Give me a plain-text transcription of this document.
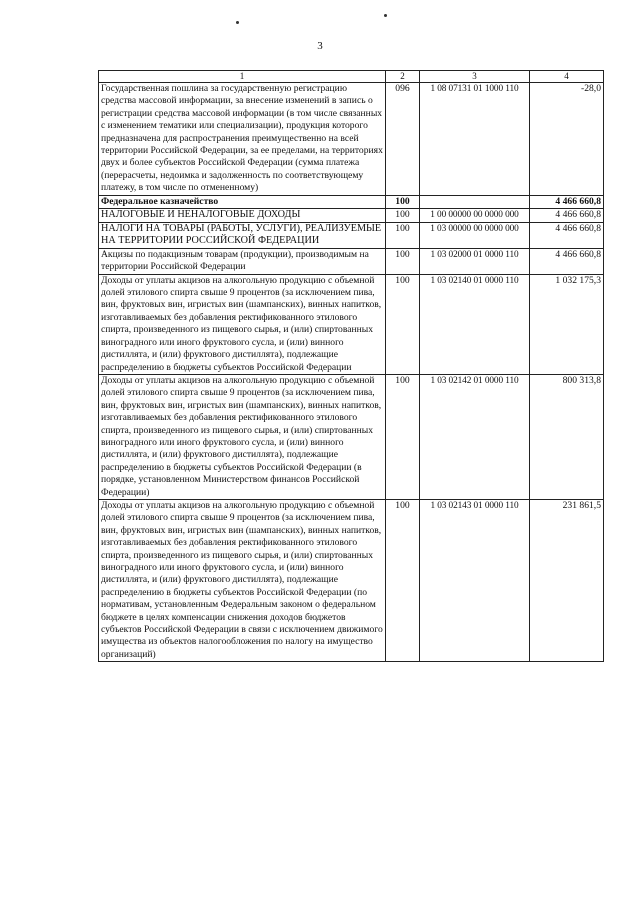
3
1	2	3	4
Государственная пошлина за государственную регистрацию средства массовой информации, за внесение изменений в запись о регистрации средства массовой информации (в том числе связанных с изменением тематики или специализации), продукция которого предназначена для распространения преимущественно на всей территории Российской Федерации, за ее пределами, на территориях двух и более субъектов Российской Федерации (сумма платежа (перерасчеты, недоимка и задолженность по соответствующему платежу, в том числе по отмененному)	096	1 08 07131 01 1000 110	-28,0
Федеральное казначейство	100		4 466 660,8
НАЛОГОВЫЕ И НЕНАЛОГОВЫЕ ДОХОДЫ	100	1 00 00000 00 0000 000	4 466 660,8
НАЛОГИ НА ТОВАРЫ (РАБОТЫ, УСЛУГИ), РЕАЛИЗУЕМЫЕ НА ТЕРРИТОРИИ РОССИЙСКОЙ ФЕДЕРАЦИИ	100	1 03 00000 00 0000 000	4 466 660,8
Акцизы по подакцизным товарам (продукции), производимым на территории Российской Федерации	100	1 03 02000 01 0000 110	4 466 660,8
Доходы от уплаты акцизов на алкогольную продукцию с объемной долей этилового спирта свыше 9 процентов (за исключением пива, вин, фруктовых вин, игристых вин (шампанских), винных напитков, изготавливаемых без добавления ректификованного этилового спирта, произведенного из пищевого сырья, и (или) спиртованных виноградного или иного фруктового сусла, и (или) винного дистиллята, и (или) фруктового дистиллята), подлежащие распределению в бюджеты субъектов Российской Федерации	100	1 03 02140 01 0000 110	1 032 175,3
Доходы от уплаты акцизов на алкогольную продукцию с объемной долей этилового спирта свыше 9 процентов (за исключением пива, вин, фруктовых вин, игристых вин (шампанских), винных напитков, изготавливаемых без добавления ректификованного этилового спирта, произведенного из пищевого сырья, и (или) спиртованных виноградного или иного фруктового сусла, и (или) винного дистиллята, и (или) фруктового дистиллята), подлежащие распределению в бюджеты субъектов Российской Федерации (в порядке, установленном Министерством финансов Российской Федерации)	100	1 03 02142 01 0000 110	800 313,8
Доходы от уплаты акцизов на алкогольную продукцию с объемной долей этилового спирта свыше 9 процентов (за исключением пива, вин, фруктовых вин, игристых вин (шампанских), винных напитков, изготавливаемых без добавления ректификованного этилового спирта, произведенного из пищевого сырья, и (или) спиртованных виноградного или иного фруктового сусла, и (или) винного дистиллята, и (или) фруктового дистиллята), подлежащие распределению в бюджеты субъектов Российской Федерации (по нормативам, установленным Федеральным законом о федеральном бюджете в целях компенсации снижения доходов бюджетов субъектов Российской Федерации в связи с исключением движимого имущества из объектов налогообложения по налогу на имущество организаций)	100	1 03 02143 01 0000 110	231 861,5
